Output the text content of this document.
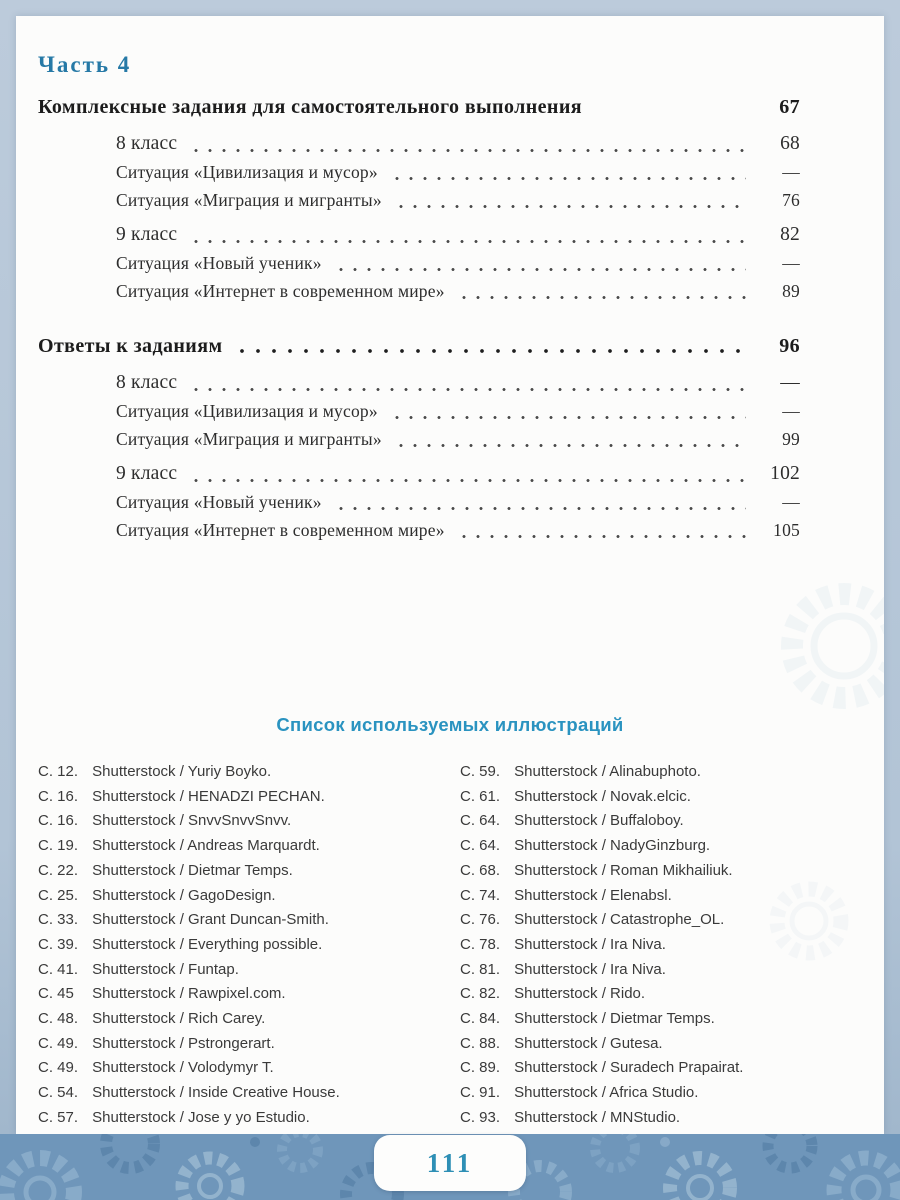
Часть 4
Комплексные задания для самостоятельного выполнения	67
8 класс	68
Ситуация «Цивилизация и мусор»	—
Ситуация «Миграция и мигранты»	76
9 класс	82
Ситуация «Новый ученик»	—
Ситуация «Интернет в современном мире»	89
Ответы к заданиям	96
8 класс	—
Ситуация «Цивилизация и мусор»	—
Ситуация «Миграция и мигранты»	99
9 класс	102
Ситуация «Новый ученик»	—
Ситуация «Интернет в современном мире»	105
Список используемых иллюстраций
С. 12. Shutterstock / Yuriy Boyko.
С. 16. Shutterstock / HENADZI PECHAN.
С. 16. Shutterstock / SnvvSnvvSnvv.
С. 19. Shutterstock / Andreas Marquardt.
С. 22. Shutterstock / Dietmar Temps.
С. 25. Shutterstock / GagoDesign.
С. 33. Shutterstock / Grant Duncan-Smith.
С. 39. Shutterstock / Everything possible.
С. 41. Shutterstock / Funtap.
С. 45 Shutterstock / Rawpixel.com.
С. 48. Shutterstock / Rich Carey.
С. 49. Shutterstock / Pstrongerart.
С. 49. Shutterstock / Volodymyr T.
С. 54. Shutterstock / Inside Creative House.
С. 57. Shutterstock / Jose y yo Estudio.
С. 59. Shutterstock / Alinabuphoto.
С. 61. Shutterstock / Novak.elcic.
С. 64. Shutterstock / Buffaloboy.
С. 64. Shutterstock / NadyGinzburg.
С. 68. Shutterstock / Roman Mikhailiuk.
С. 74. Shutterstock / Elenabsl.
С. 76. Shutterstock / Catastrophe_OL.
С. 78. Shutterstock / Ira Niva.
С. 81. Shutterstock / Ira Niva.
С. 82. Shutterstock / Rido.
С. 84. Shutterstock / Dietmar Temps.
С. 88. Shutterstock / Gutesa.
С. 89. Shutterstock / Suradech Prapairat.
С. 91. Shutterstock / Africa Studio.
С. 93. Shutterstock / MNStudio.
111
